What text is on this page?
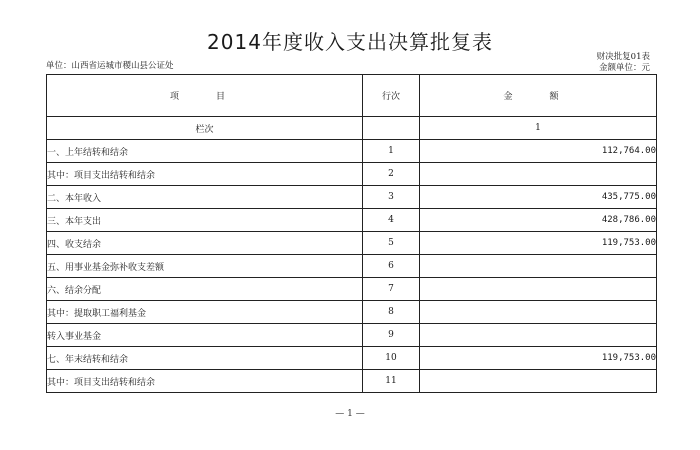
2014年度收入支出决算批复表
单位：山西省运城市稷山县公证处
财决批复01表
金额单位：元
项　目	行次	金　额
栏次		1
一、上年结转和结余	1	112,764.00
其中：项目支出结转和结余	2	
二、本年收入	3	435,775.00
三、本年支出	4	428,786.00
四、收支结余	5	119,753.00
五、用事业基金弥补收支差额	6	
六、结余分配	7	
其中：提取职工福利基金	8	
转入事业基金	9	
七、年末结转和结余	10	119,753.00
其中：项目支出结转和结余	11	
— 1 —
